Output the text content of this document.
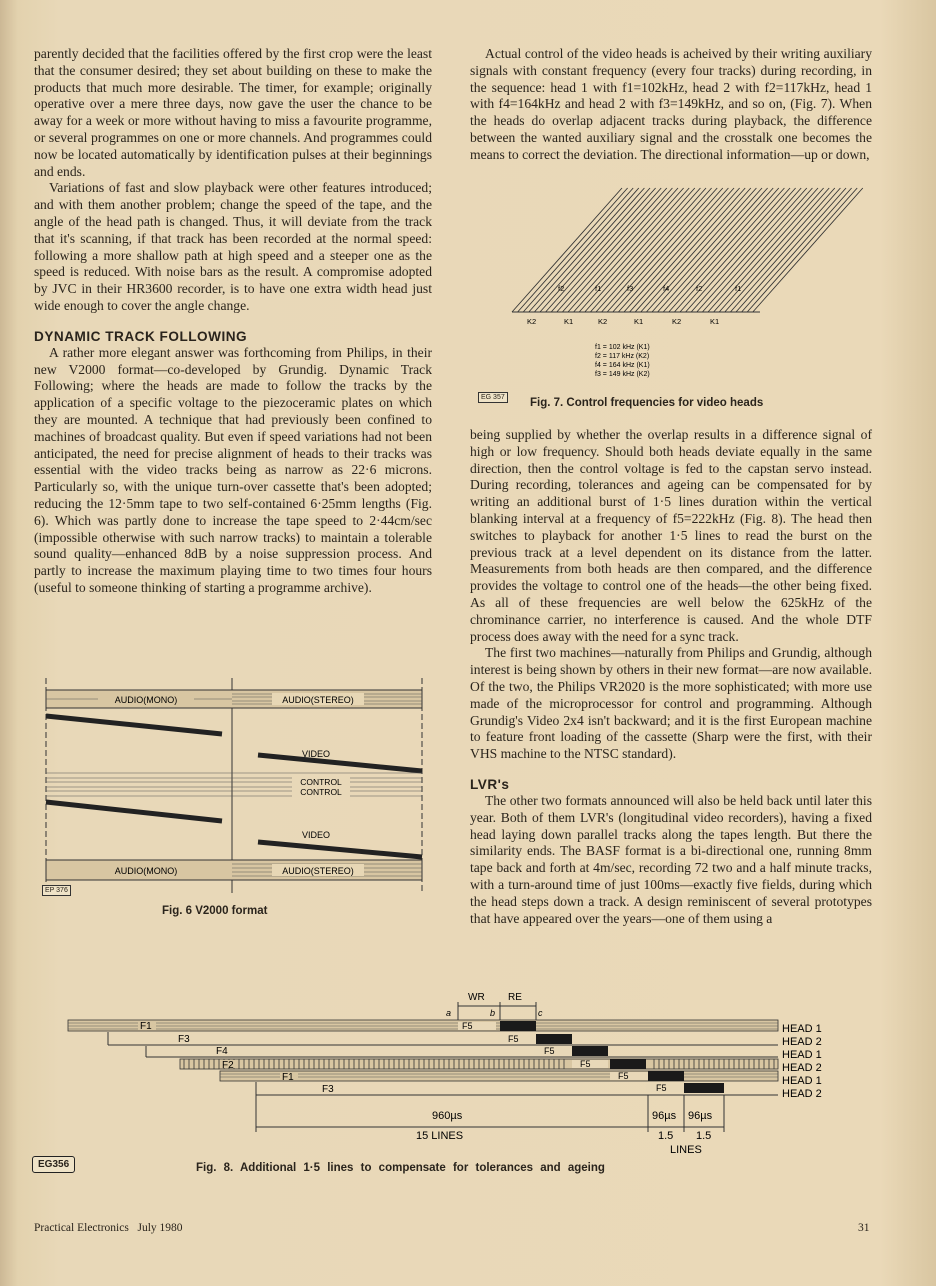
parently decided that the facilities offered by the first crop were the least that the consumer desired; they set about building on these to make the products that much more desirable. The timer, for example; originally operative over a mere three days, now gave the user the chance to be away for a week or more without having to miss a favourite programme, or several programmes on one or more channels. And programmes could now be located automatically by identification pulses at their beginnings and ends.

Variations of fast and slow playback were other features introduced; and with them another problem; change the speed of the tape, and the angle of the head path is changed. Thus, it will deviate from the track that it's scanning, if that track has been recorded at the normal speed: following a more shallow path at high speed and a steeper one as the speed is reduced. With noise bars as the result. A compromise adopted by JVC in their HR3600 recorder, is to have one extra width head just wide enough to cover the angle change.

DYNAMIC TRACK FOLLOWING

A rather more elegant answer was forthcoming from Philips, in their new V2000 format—co-developed by Grundig. Dynamic Track Following; where the heads are made to follow the tracks by the application of a specific voltage to the piezoceramic plates on which they are mounted. A technique that had previously been confined to machines of broadcast quality. But even if speed variations had not been anticipated, the need for precise alignment of heads to their tracks was essential with the video tracks being as narrow as 22·6 microns. Particularly so, with the unique turn-over cassette that's been adopted; reducing the 12·5mm tape to two self-contained 6·25mm lengths (Fig. 6). Which was partly done to increase the tape speed to 2·44cm/sec (impossible otherwise with such narrow tracks) to maintain a tolerable sound quality—enhanced 8dB by a noise suppression process. And partly to increase the maximum playing time to two times four hours (useful to someone thinking of starting a programme archive).

AUDIO(MONO)	AUDIO(STEREO)
VIDEO
CONTROL
CONTROL
VIDEO
AUDIO(MONO)	AUDIO(STEREO)
EP 376
Fig. 6 V2000 format

Actual control of the video heads is acheived by their writing auxiliary signals with constant frequency (every four tracks) during recording, in the sequence: head 1 with f1=102kHz, head 2 with f2=117kHz, head 1 with f4=164kHz and head 2 with f3=149kHz, and so on, (Fig. 7). When the heads do overlap adjacent tracks during playback, the difference between the wanted auxiliary signal and the crosstalk one becomes the means to correct the deviation. The directional information—up or down,

f2	f1	f3	f4	f2	f1
K2	K1	K2	K1	K2	K1
f1 = 102 kHz (K1)
f2 = 117 kHz (K2)
f4 = 164 kHz (K1)
f3 = 149 kHz (K2)
EG 357 Fig. 7. Control frequencies for video heads

being supplied by whether the overlap results in a difference signal of high or low frequency. Should both heads deviate equally in the same direction, then the control voltage is fed to the capstan servo instead. During recording, tolerances and ageing can be compensated for by writing an additional burst of 1·5 lines duration within the vertical blanking interval at a frequency of f5=222kHz (Fig. 8). The head then switches to playback for another 1·5 lines to read the burst on the previous track at a level dependent on its distance from the latter. Measurements from both heads are then compared, and the difference provides the voltage to control one of the heads—the other being fixed. As all of these frequencies are well below the 625kHz of the chrominance carrier, no interference is caused. And the whole DTF process does away with the need for a sync track.

The first two machines—naturally from Philips and Grundig, although interest is being shown by others in their new format—are now available. Of the two, the Philips VR2020 is the more sophisticated; with more use made of the microprocessor for control and programming. Although Grundig's Video 2x4 isn't backward; and it is the first European machine to feature front loading of the cassette (Sharp were the first, with their VHS machine to the NTSC standard).

LVR's

The other two formats announced will also be held back until later this year. Both of them LVR's (longitudinal video recorders), having a fixed head laying down parallel tracks along the tapes length. But there the similarity ends. The BASF format is a bi-directional one, running 8mm tape back and forth at 4m/sec, recording 72 two and a half minute tracks, with a turn-around time of just 100ms—exactly five fields, during which the head steps down a track. A design reminiscent of several prototypes that have appeared over the years—one of them using a

WR RE
a	b	c
F1	F5
F3	F5
F4	F5
F2	F5
F1	F5
F3	F5
HEAD 1
HEAD 2
HEAD 1
HEAD 2
HEAD 1
HEAD 2
960µs	96µs 96µs
15 LINES	1.5 1.5
LINES
EG356	Fig. 8. Additional 1·5 lines to compensate for tolerances and ageing
Practical Electronics July 1980	31
